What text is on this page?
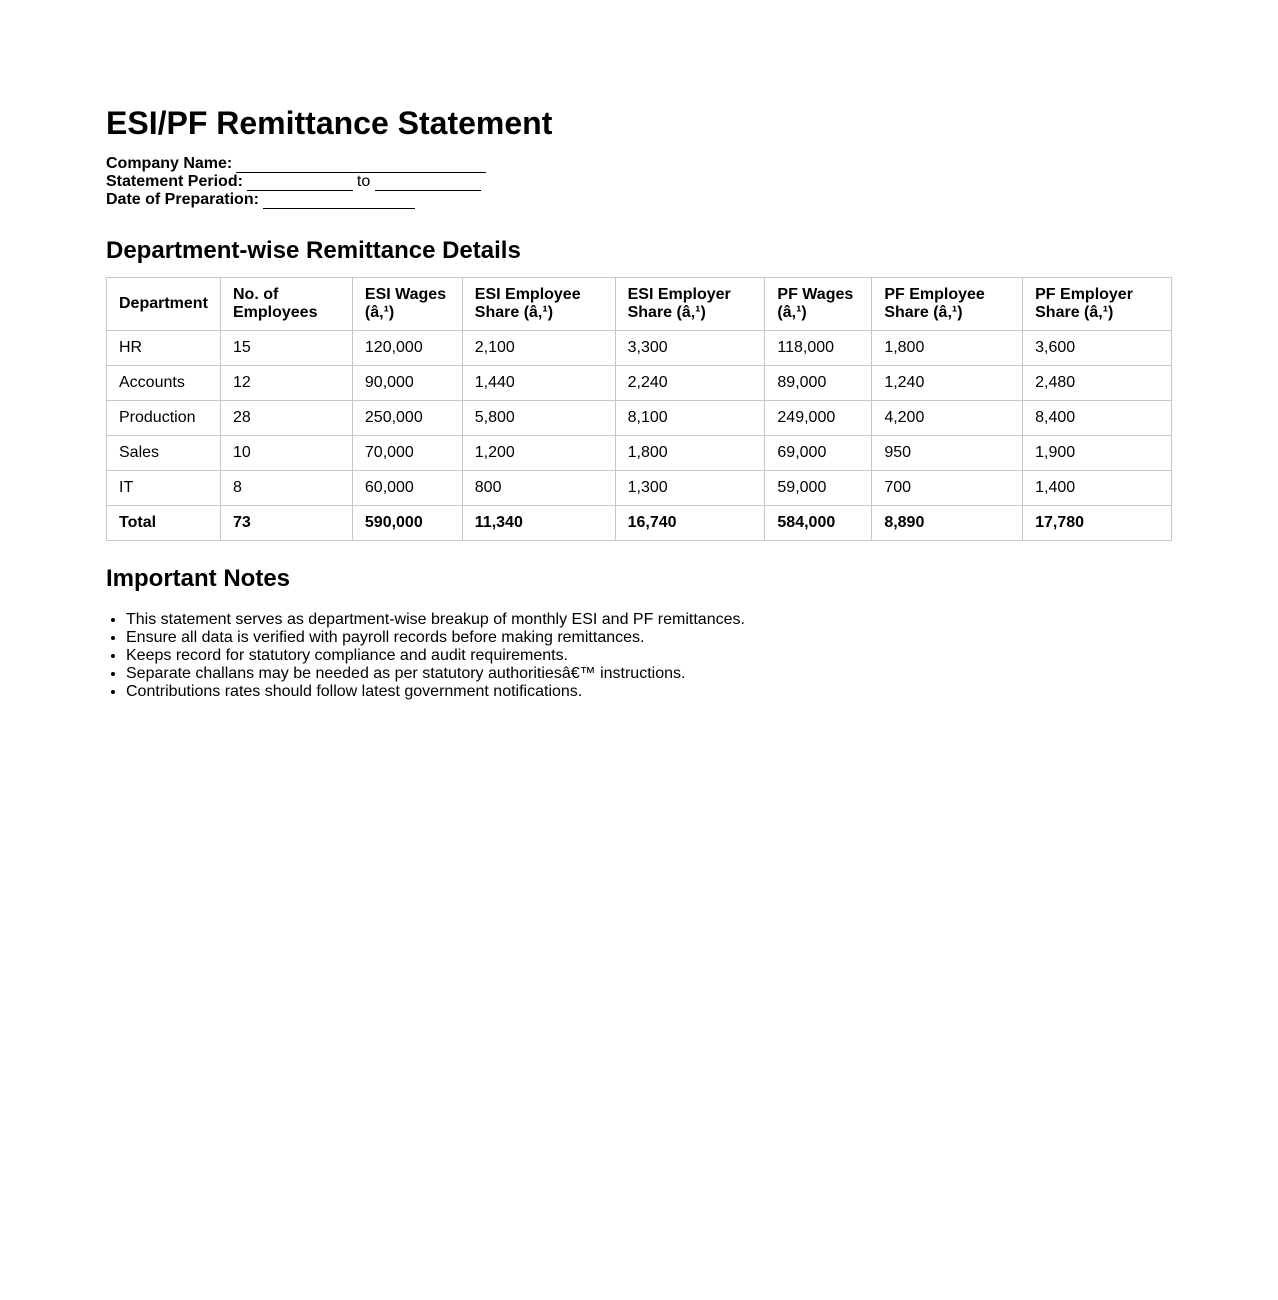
ESI/PF Remittance Statement
Company Name:
Statement Period:	to
Date of Preparation:
Department-wise Remittance Details
Department	No. of Employees	ESI Wages (â‚¹)	ESI Employee Share (â‚¹)	ESI Employer Share (â‚¹)	PF Wages (â‚¹)	PF Employee Share (â‚¹)	PF Employer Share (â‚¹)
HR	15	120,000	2,100	3,300	118,000	1,800	3,600
Accounts	12	90,000	1,440	2,240	89,000	1,240	2,480
Production	28	250,000	5,800	8,100	249,000	4,200	8,400
Sales	10	70,000	1,200	1,800	69,000	950	1,900
IT	8	60,000	800	1,300	59,000	700	1,400
Total	73	590,000	11,340	16,740	584,000	8,890	17,780
Important Notes
• This statement serves as department-wise breakup of monthly ESI and PF remittances.
• Ensure all data is verified with payroll records before making remittances.
• Keeps record for statutory compliance and audit requirements.
• Separate challans may be needed as per statutory authoritiesâ€™ instructions.
• Contributions rates should follow latest government notifications.
